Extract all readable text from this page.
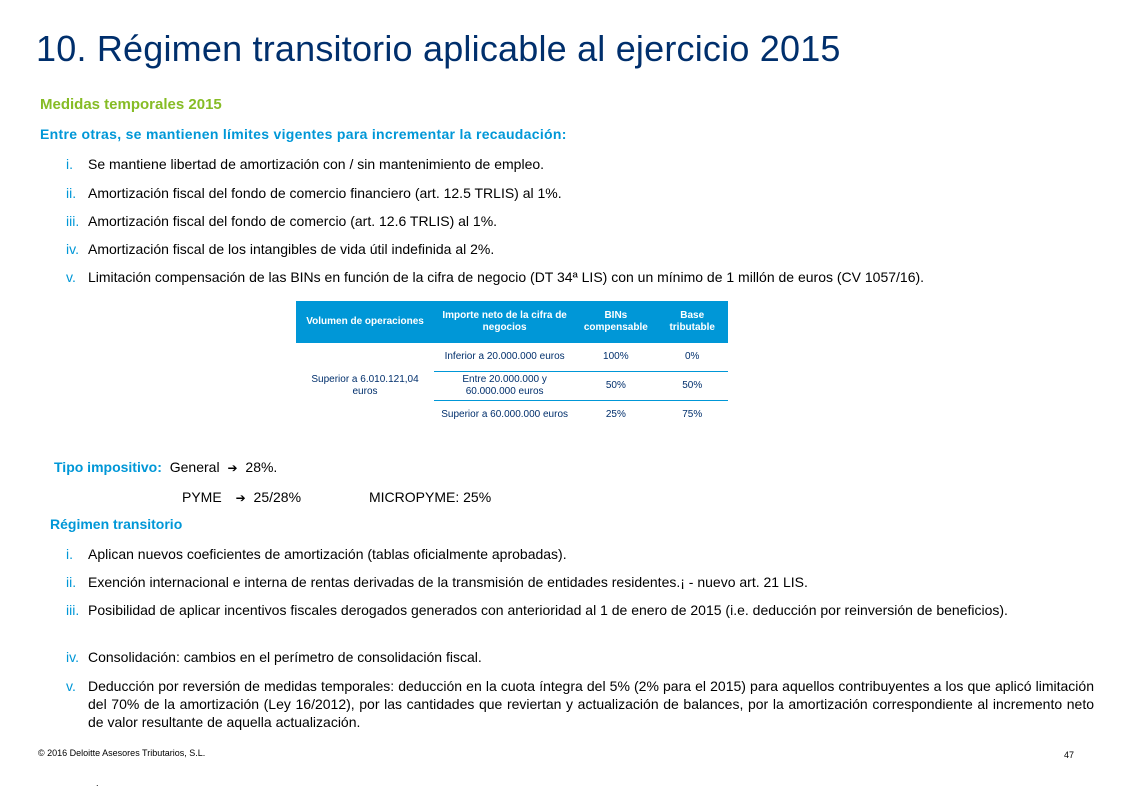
10. Régimen transitorio aplicable al ejercicio 2015
Medidas temporales 2015
Entre otras, se mantienen límites vigentes para incrementar la recaudación:
i.	Se mantiene libertad de amortización con / sin mantenimiento de empleo.
ii. Amortización fiscal del fondo de comercio financiero (art. 12.5 TRLIS) al 1%.
iii. Amortización fiscal del fondo de comercio (art. 12.6 TRLIS) al 1%.
iv. Amortización fiscal de los intangibles de vida útil indefinida al 2%.
v. Limitación compensación de las BINs en función de la cifra de negocio (DT 34ª LIS) con un mínimo de 1 millón de euros (CV 1057/16).
Volumen de operaciones	Importe neto de la cifra de negocios	BINs compensable	Base tributable
Superior a 6.010.121,04 euros	Inferior a 20.000.000 euros	100%	0%
	Entre 20.000.000 y 60.000.000 euros	50%	50%
	Superior a 60.000.000 euros	25%	75%
Tipo impositivo: General ➔ 28%.
PYME ➔ 25/28%	MICROPYME: 25%
Régimen transitorio
i.	Aplican nuevos coeficientes de amortización (tablas oficialmente aprobadas).
ii. Exención internacional e interna de rentas derivadas de la transmisión de entidades residentes.¡ - nuevo art. 21 LIS.
iii. Posibilidad de aplicar incentivos fiscales derogados generados con anterioridad al 1 de enero de 2015 (i.e. deducción por reinversión de beneficios).
iv. Consolidación: cambios en el perímetro de consolidación fiscal.
v. Deducción por reversión de medidas temporales: deducción en la cuota íntegra del 5% (2% para el 2015) para aquellos contribuyentes a los que aplicó limitación del 70% de la amortización (Ley 16/2012), por las cantidades que reviertan y actualización de balances, por la amortización correspondiente al incremento neto de valor resultante de aquella actualización.
© 2016 Deloitte Asesores Tributarios, S.L.	47
.
